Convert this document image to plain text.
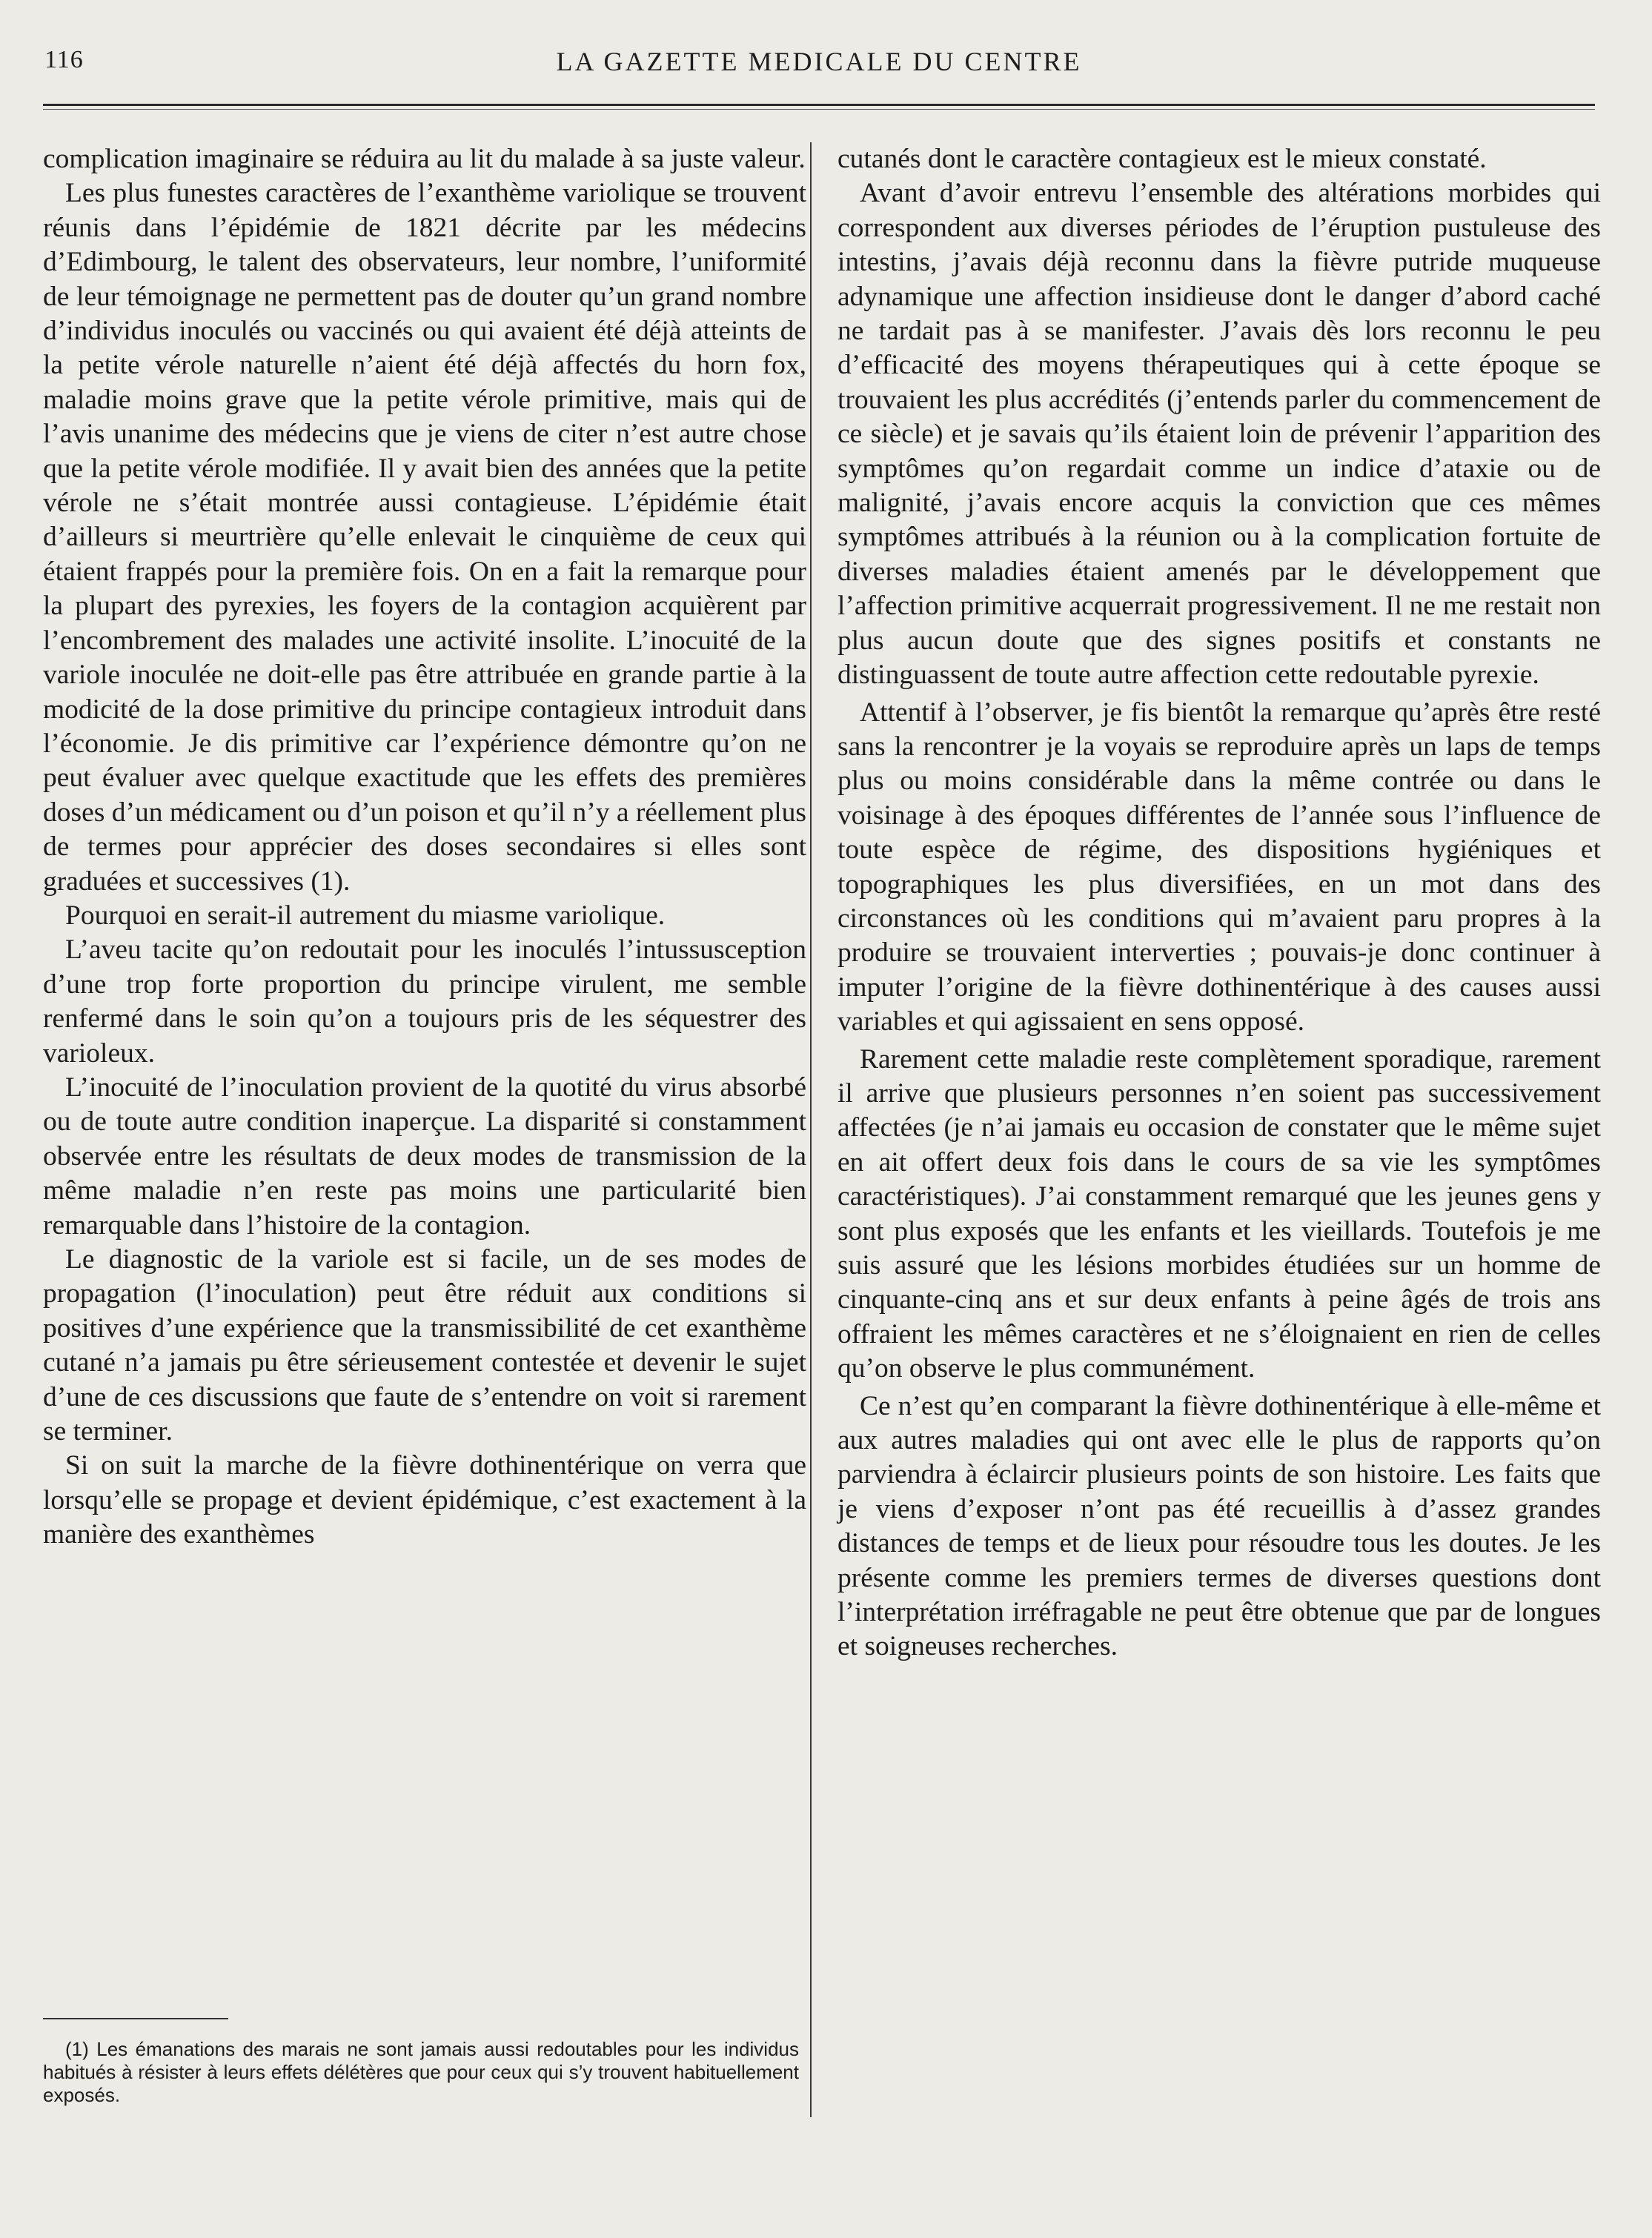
116	LA GAZETTE MEDICALE DU CENTRE

complication imaginaire se réduira au lit du malade à sa juste valeur.

Les plus funestes caractères de l’exanthème variolique se trouvent réunis dans l’épidémie de 1821 décrite par les médecins d’Edimbourg, le talent des observateurs, leur nombre, l’uniformité de leur témoignage ne permettent pas de douter qu’un grand nombre d’individus inoculés ou vaccinés ou qui avaient été déjà atteints de la petite vérole naturelle n’aient été déjà affectés du horn fox, maladie moins grave que la petite vérole primitive, mais qui de l’avis unanime des médecins que je viens de citer n’est autre chose que la petite vérole modifiée. Il y avait bien des années que la petite vérole ne s’était montrée aussi contagieuse. L’épidémie était d’ailleurs si meurtrière qu’elle enlevait le cinquième de ceux qui étaient frappés pour la première fois. On en a fait la remarque pour la plupart des pyrexies, les foyers de la contagion acquièrent par l’encombrement des malades une activité insolite. L’inocuité de la variole inoculée ne doit-elle pas être attribuée en grande partie à la modicité de la dose primitive du principe contagieux introduit dans l’économie. Je dis primitive car l’expérience démontre qu’on ne peut évaluer avec quelque exactitude que les effets des premières doses d’un médicament ou d’un poison et qu’il n’y a réellement plus de termes pour apprécier des doses secondaires si elles sont graduées et successives (1).

Pourquoi en serait-il autrement du miasme variolique.

L’aveu tacite qu’on redoutait pour les inoculés l’intussusception d’une trop forte proportion du principe virulent, me semble renfermé dans le soin qu’on a toujours pris de les séquestrer des varioleux.

L’inocuité de l’inoculation provient de la quotité du virus absorbé ou de toute autre condition inaperçue. La disparité si constamment observée entre les résultats de deux modes de transmission de la même maladie n’en reste pas moins une particularité bien remarquable dans l’histoire de la contagion.

Le diagnostic de la variole est si facile, un de ses modes de propagation (l’inoculation) peut être réduit aux conditions si positives d’une expérience que la transmissibilité de cet exanthème cutané n’a jamais pu être sérieusement contestée et devenir le sujet d’une de ces discussions que faute de s’entendre on voit si rarement se terminer.

Si on suit la marche de la fièvre dothinentérique on verra que lorsqu’elle se propage et devient épidémique, c’est exactement à la manière des exanthèmes

(1) Les émanations des marais ne sont jamais aussi redoutables pour les individus habitués à résister à leurs effets délétères que pour ceux qui s’y trouvent habituellement exposés.

cutanés dont le caractère contagieux est le mieux constaté.

Avant d’avoir entrevu l’ensemble des altérations morbides qui correspondent aux diverses périodes de l’éruption pustuleuse des intestins, j’avais déjà reconnu dans la fièvre putride muqueuse adynamique une affection insidieuse dont le danger d’abord caché ne tardait pas à se manifester. J’avais dès lors reconnu le peu d’efficacité des moyens thérapeutiques qui à cette époque se trouvaient les plus accrédités (j’entends parler du commencement de ce siècle) et je savais qu’ils étaient loin de prévenir l’apparition des symptômes qu’on regardait comme un indice d’ataxie ou de malignité, j’avais encore acquis la conviction que ces mêmes symptômes attribués à la réunion ou à la complication fortuite de diverses maladies étaient amenés par le développement que l’affection primitive acquerrait progressivement. Il ne me restait non plus aucun doute que des signes positifs et constants ne distinguassent de toute autre affection cette redoutable pyrexie.

Attentif à l’observer, je fis bientôt la remarque qu’après être resté sans la rencontrer je la voyais se reproduire après un laps de temps plus ou moins considérable dans la même contrée ou dans le voisinage à des époques différentes de l’année sous l’influence de toute espèce de régime, des dispositions hygiéniques et topographiques les plus diversifiées, en un mot dans des circonstances où les conditions qui m’avaient paru propres à la produire se trouvaient interverties ; pouvais-je donc continuer à imputer l’origine de la fièvre dothinentérique à des causes aussi variables et qui agissaient en sens opposé.

Rarement cette maladie reste complètement sporadique, rarement il arrive que plusieurs personnes n’en soient pas successivement affectées (je n’ai jamais eu occasion de constater que le même sujet en ait offert deux fois dans le cours de sa vie les symptômes caractéristiques). J’ai constamment remarqué que les jeunes gens y sont plus exposés que les enfants et les vieillards. Toutefois je me suis assuré que les lésions morbides étudiées sur un homme de cinquante-cinq ans et sur deux enfants à peine âgés de trois ans offraient les mêmes caractères et ne s’éloignaient en rien de celles qu’on observe le plus communément.

Ce n’est qu’en comparant la fièvre dothinentérique à elle-même et aux autres maladies qui ont avec elle le plus de rapports qu’on parviendra à éclaircir plusieurs points de son histoire. Les faits que je viens d’exposer n’ont pas été recueillis à d’assez grandes distances de temps et de lieux pour résoudre tous les doutes. Je les présente comme les premiers termes de diverses questions dont l’interprétation irréfragable ne peut être obtenue que par de longues et soigneuses recherches.
